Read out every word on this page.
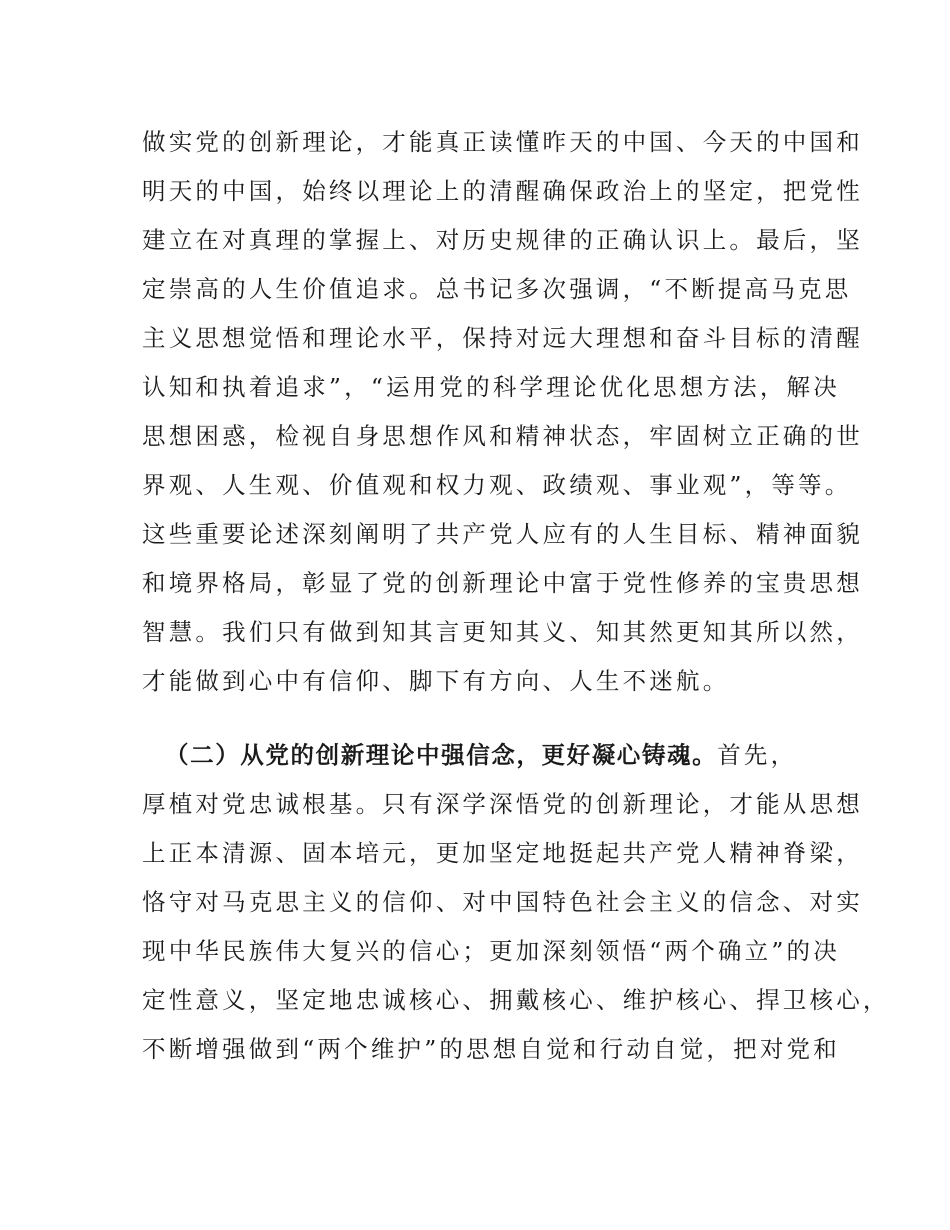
做实党的创新理论，才能真正读懂昨天的中国、今天的中国和
明天的中国，始终以理论上的清醒确保政治上的坚定，把党性
建立在对真理的掌握上、对历史规律的正确认识上。最后，坚
定崇高的人生价值追求。总书记多次强调，“不断提高马克思
主义思想觉悟和理论水平，保持对远大理想和奋斗目标的清醒
认知和执着追求”，“运用党的科学理论优化思想方法，解决
思想困惑，检视自身思想作风和精神状态，牢固树立正确的世
界观、人生观、价值观和权力观、政绩观、事业观”，等等。
这些重要论述深刻阐明了共产党人应有的人生目标、精神面貌
和境界格局，彰显了党的创新理论中富于党性修养的宝贵思想
智慧。我们只有做到知其言更知其义、知其然更知其所以然，
才能做到心中有信仰、脚下有方向、人生不迷航。
（二）从党的创新理论中强信念，更好凝心铸魂。首先，
厚植对党忠诚根基。只有深学深悟党的创新理论，才能从思想
上正本清源、固本培元，更加坚定地挺起共产党人精神脊梁，
恪守对马克思主义的信仰、对中国特色社会主义的信念、对实
现中华民族伟大复兴的信心；更加深刻领悟“两个确立”的决
定性意义，坚定地忠诚核心、拥戴核心、维护核心、捍卫核心，
不断增强做到“两个维护”的思想自觉和行动自觉，把对党和
